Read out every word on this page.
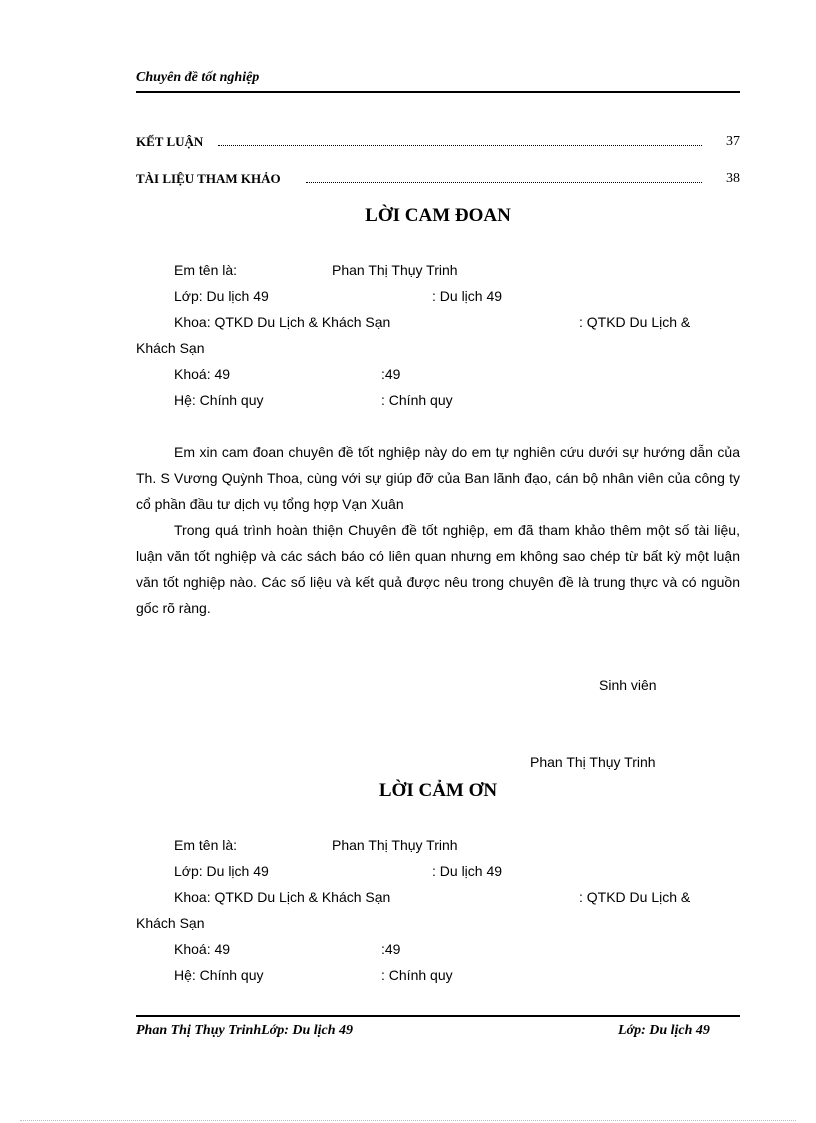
Chuyên đề tốt nghiệp
KẾT LUẬN	37
TÀI LIỆU THAM KHẢO	38
LỜI CAM ĐOAN
Em tên là:	Phan Thị Thụy Trinh
Lớp: Du lịch 49	: Du lịch 49
Khoa: QTKD Du Lịch & Khách Sạn	: QTKD Du Lịch &
Khách Sạn
Khoá: 49	:49
Hệ: Chính quy	: Chính quy
Em xin cam đoan chuyên đề tốt nghiệp này do em tự nghiên cứu dưới sự hướng dẫn của Th. S Vương Quỳnh Thoa, cùng với sự giúp đỡ của Ban lãnh đạo, cán bộ nhân viên của công ty cổ phần đầu tư dịch vụ tổng hợp Vạn Xuân
Trong quá trình hoàn thiện Chuyên đề tốt nghiệp, em đã tham khảo thêm một số tài liệu, luận văn tốt nghiệp và các sách báo có liên quan nhưng em không sao chép từ bất kỳ một luận văn tốt nghiệp nào. Các số liệu và kết quả được nêu trong chuyên đề là trung thực và có nguồn gốc rõ ràng.
Sinh viên
Phan Thị Thụy Trinh
LỜI CẢM ƠN
Em tên là:	Phan Thị Thụy Trinh
Lớp: Du lịch 49	: Du lịch 49
Khoa: QTKD Du Lịch & Khách Sạn	: QTKD Du Lịch &
Khách Sạn
Khoá: 49	:49
Hệ: Chính quy	: Chính quy
Phan Thị Thụy TrinhLớp: Du lịch 49	Lớp: Du lịch 49
